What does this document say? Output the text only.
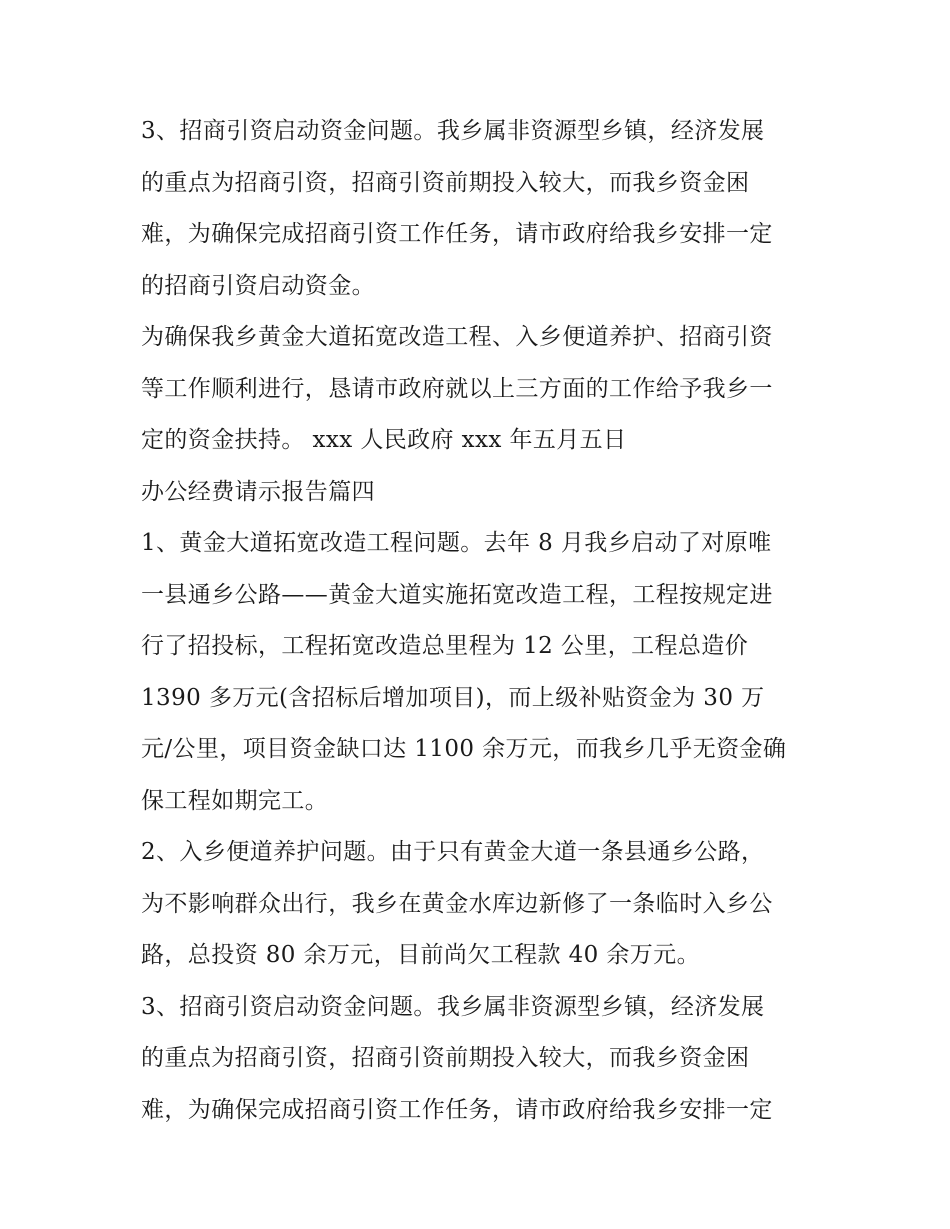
3、招商引资启动资金问题。我乡属非资源型乡镇，经济发展
的重点为招商引资，招商引资前期投入较大，而我乡资金困
难，为确保完成招商引资工作任务，请市政府给我乡安排一定
的招商引资启动资金。
为确保我乡黄金大道拓宽改造工程、入乡便道养护、招商引资
等工作顺利进行，恳请市政府就以上三方面的工作给予我乡一
定的资金扶持。 xxx 人民政府 xxx 年五月五日
办公经费请示报告篇四
1、黄金大道拓宽改造工程问题。去年 8 月我乡启动了对原唯
一县通乡公路——黄金大道实施拓宽改造工程，工程按规定进
行了招投标，工程拓宽改造总里程为 12 公里，工程总造价
1390 多万元(含招标后增加项目)，而上级补贴资金为 30 万
元/公里，项目资金缺口达 1100 余万元，而我乡几乎无资金确
保工程如期完工。
2、入乡便道养护问题。由于只有黄金大道一条县通乡公路，
为不影响群众出行，我乡在黄金水库边新修了一条临时入乡公
路，总投资 80 余万元，目前尚欠工程款 40 余万元。
3、招商引资启动资金问题。我乡属非资源型乡镇，经济发展
的重点为招商引资，招商引资前期投入较大，而我乡资金困
难，为确保完成招商引资工作任务，请市政府给我乡安排一定
